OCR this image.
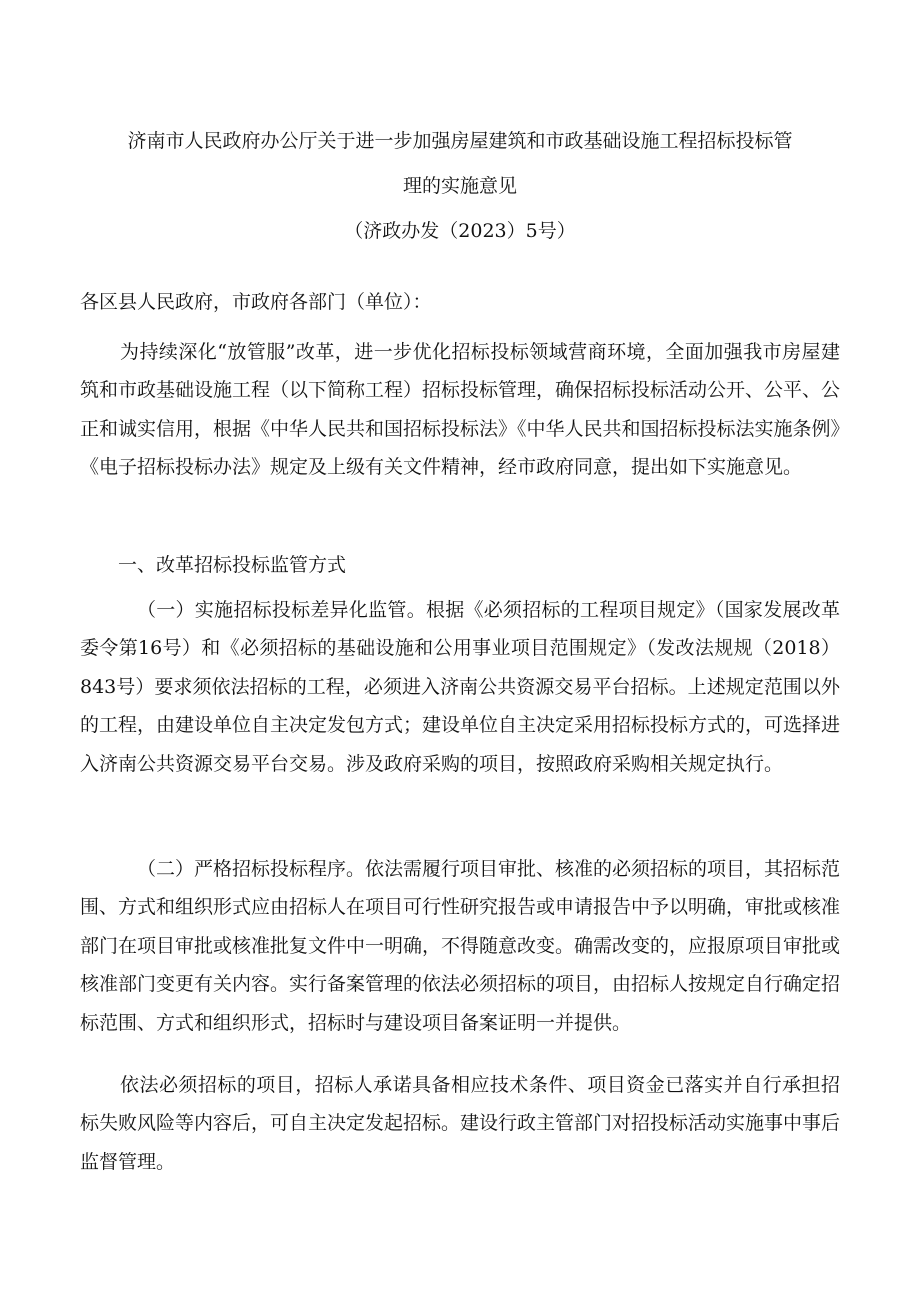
济南市人民政府办公厅关于进一步加强房屋建筑和市政基础设施工程招标投标管
理的实施意见
（济政办发（2023）5号）
各区县人民政府，市政府各部门（单位）：
为持续深化“放管服”改革，进一步优化招标投标领域营商环境，全面加强我市房屋建筑和市政基础设施工程（以下简称工程）招标投标管理，确保招标投标活动公开、公平、公正和诚实信用，根据《中华人民共和国招标投标法》《中华人民共和国招标投标法实施条例》《电子招标投标办法》规定及上级有关文件精神，经市政府同意，提出如下实施意见。
一、改革招标投标监管方式
（一）实施招标投标差异化监管。根据《必须招标的工程项目规定》（国家发展改革委令第16号）和《必须招标的基础设施和公用事业项目范围规定》（发改法规规（2018）843号）要求须依法招标的工程，必须进入济南公共资源交易平台招标。上述规定范围以外的工程，由建设单位自主决定发包方式；建设单位自主决定采用招标投标方式的，可选择进入济南公共资源交易平台交易。涉及政府采购的项目，按照政府采购相关规定执行。
（二）严格招标投标程序。依法需履行项目审批、核准的必须招标的项目，其招标范围、方式和组织形式应由招标人在项目可行性研究报告或申请报告中予以明确，审批或核准部门在项目审批或核准批复文件中一明确，不得随意改变。确需改变的，应报原项目审批或核准部门变更有关内容。实行备案管理的依法必须招标的项目，由招标人按规定自行确定招标范围、方式和组织形式，招标时与建设项目备案证明一并提供。
依法必须招标的项目，招标人承诺具备相应技术条件、项目资金已落实并自行承担招标失败风险等内容后，可自主决定发起招标。建设行政主管部门对招投标活动实施事中事后监督管理。
